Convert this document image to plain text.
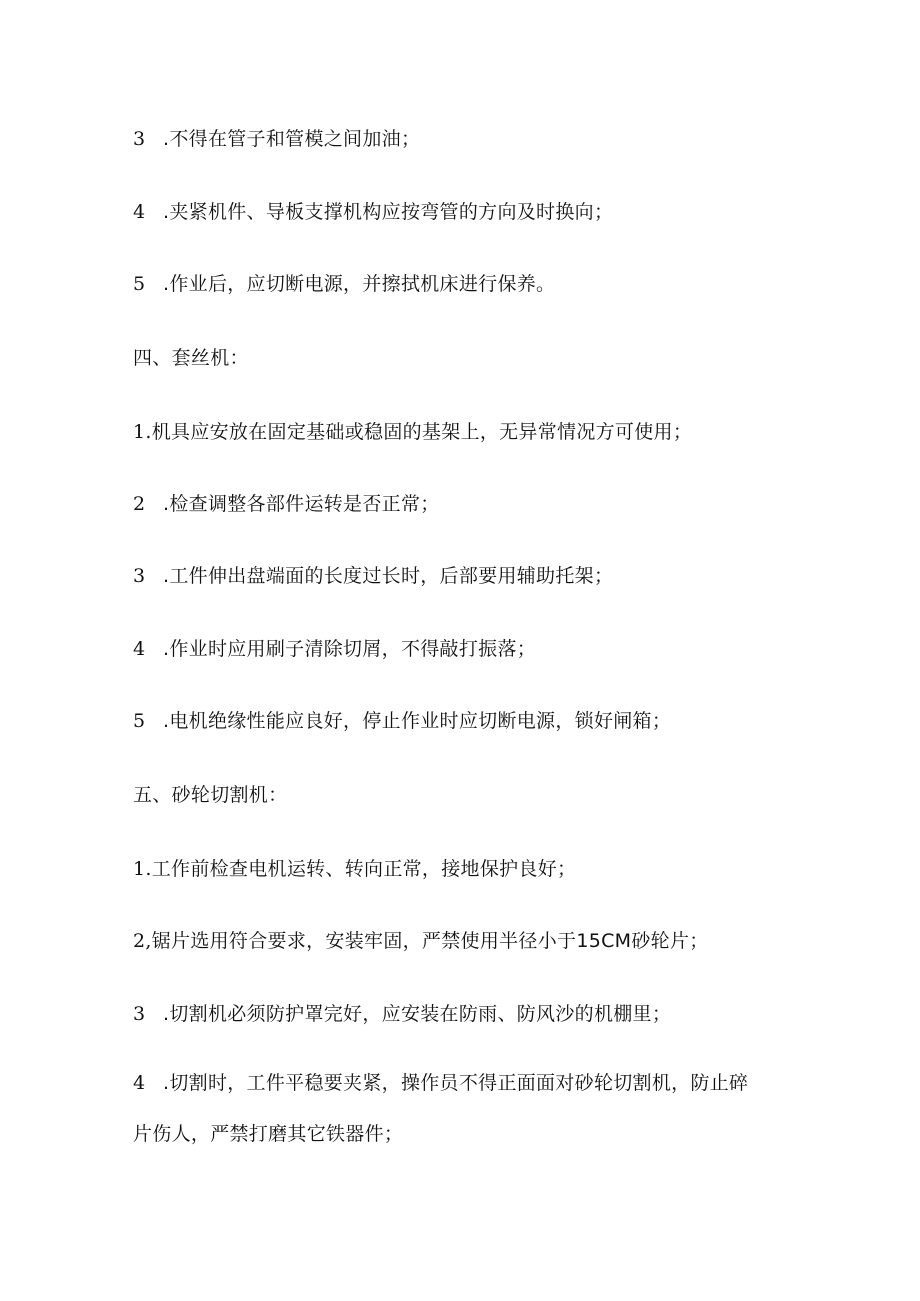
3 .不得在管子和管模之间加油；
4 .夹紧机件、导板支撑机构应按弯管的方向及时换向；
5 .作业后，应切断电源，并擦拭机床进行保养。
四、套丝机：
1.机具应安放在固定基础或稳固的基架上，无异常情况方可使用；
2 .检查调整各部件运转是否正常；
3 .工件伸出盘端面的长度过长时，后部要用辅助托架；
4 .作业时应用刷子清除切屑，不得敲打振落；
5 .电机绝缘性能应良好，停止作业时应切断电源，锁好闸箱；
五、砂轮切割机：
1.工作前检查电机运转、转向正常，接地保护良好；
2,锯片选用符合要求，安装牢固，严禁使用半径小于15CM砂轮片；
3 .切割机必须防护罩完好，应安装在防雨、防风沙的机棚里；
4 .切割时，工件平稳要夹紧，操作员不得正面面对砂轮切割机，防止碎
片伤人，严禁打磨其它铁器件；
